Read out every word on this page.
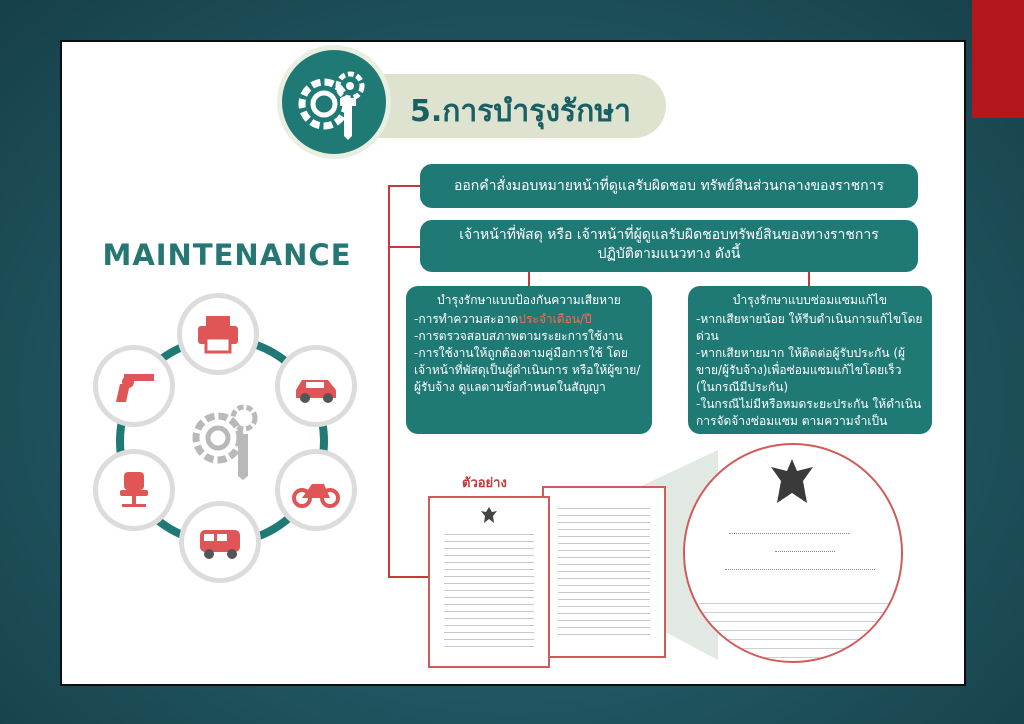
5.การบำรุงรักษา
MAINTENANCE
ออกคำสั่งมอบหมายหน้าที่ดูแลรับผิดชอบ ทรัพย์สินส่วนกลางของราชการ
เจ้าหน้าที่พัสดุ หรือ เจ้าหน้าที่ผู้ดูแลรับผิดชอบทรัพย์สินของทางราชการ
ปฏิบัติตามแนวทาง ดังนี้
บำรุงรักษาแบบป้องกันความเสียหาย

-การทำความสะอาดประจำเดือน/ปี

-การตรวจสอบสภาพตามระยะการใช้งาน

-การใช้งานให้ถูกต้องตามคู่มือการใช้ โดยเจ้าหน้าที่พัสดุเป็นผู้ดำเนินการ หรือให้ผู้ขาย/ผู้รับจ้าง ดูแลตามข้อกำหนดในสัญญา

บำรุงรักษาแบบซ่อมแซมแก้ไข

-หากเสียหายน้อย ให้รีบดำเนินการแก้ไขโดยด่วน

-หากเสียหายมาก ให้ติดต่อผู้รับประกัน (ผู้ขาย/ผู้รับจ้าง)เพื่อซ่อมแซมแก้ไขโดยเร็ว (ในกรณีมีประกัน)

-ในกรณีไม่มีหรือหมดระยะประกัน ให้ดำเนินการจัดจ้างซ่อมแซม ตามความจำเป็น

ตัวอย่าง
